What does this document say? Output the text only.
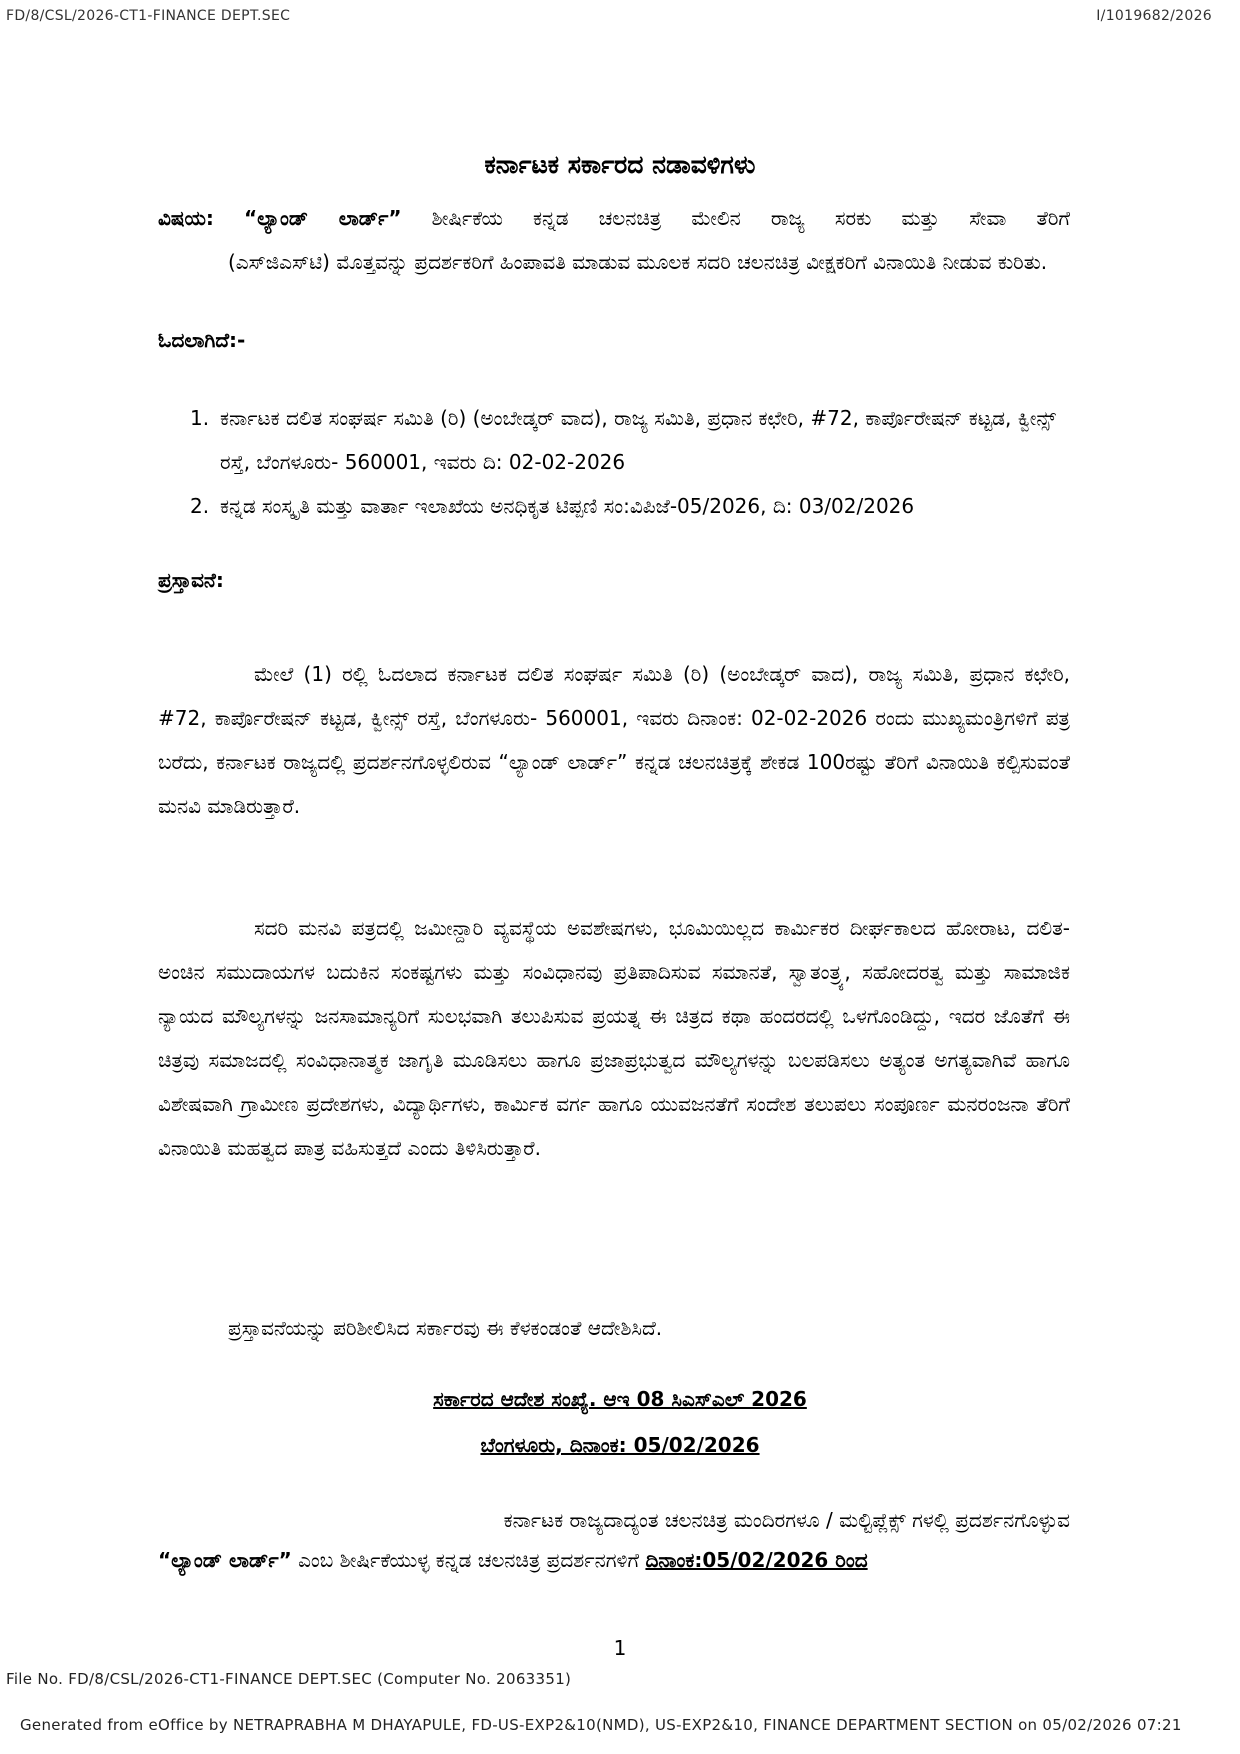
FD/8/CSL/2026-CT1-FINANCE DEPT.SEC	I/1019682/2026
ಕರ್ನಾಟಕ ಸರ್ಕಾರದ ನಡಾವಳಿಗಳು
ವಿಷಯ: “ಲ್ಯಾಂಡ್ ಲಾರ್ಡ್” ಶೀರ್ಷಿಕೆಯ ಕನ್ನಡ ಚಲನಚಿತ್ರ ಮೇಲಿನ ರಾಜ್ಯ ಸರಕು ಮತ್ತು ಸೇವಾ ತೆರಿಗೆ
(ಎಸ್‌ಜಿಎಸ್‌ಟಿ) ಮೊತ್ತವನ್ನು ಪ್ರದರ್ಶಕರಿಗೆ ಹಿಂಪಾವತಿ ಮಾಡುವ ಮೂಲಕ ಸದರಿ ಚಲನಚಿತ್ರ ವೀಕ್ಷಕರಿಗೆ ವಿನಾಯಿತಿ ನೀಡುವ ಕುರಿತು.
ಓದಲಾಗಿದೆ:-
1. ಕರ್ನಾಟಕ ದಲಿತ ಸಂಘರ್ಷ ಸಮಿತಿ (ರಿ) (ಅಂಬೇಡ್ಕರ್ ವಾದ), ರಾಜ್ಯ ಸಮಿತಿ, ಪ್ರಧಾನ ಕಛೇರಿ, #72, ಕಾರ್ಪೊರೇಷನ್ ಕಟ್ಟಡ, ಕ್ವೀನ್ಸ್ ರಸ್ತೆ, ಬೆಂಗಳೂರು- 560001, ಇವರು ದಿ: 02-02-2026
2. ಕನ್ನಡ ಸಂಸ್ಕೃತಿ ಮತ್ತು ವಾರ್ತಾ ಇಲಾಖೆಯ ಅನಧಿಕೃತ ಟಿಪ್ಪಣಿ ಸಂ:ವಿಪಿಜೆ-05/2026, ದಿ: 03/02/2026
ಪ್ರಸ್ತಾವನೆ:
ಮೇಲೆ (1) ರಲ್ಲಿ ಓದಲಾದ ಕರ್ನಾಟಕ ದಲಿತ ಸಂಘರ್ಷ ಸಮಿತಿ (ರಿ) (ಅಂಬೇಡ್ಕರ್ ವಾದ), ರಾಜ್ಯ ಸಮಿತಿ, ಪ್ರಧಾನ ಕಛೇರಿ, #72, ಕಾರ್ಪೊರೇಷನ್ ಕಟ್ಟಡ, ಕ್ವೀನ್ಸ್ ರಸ್ತೆ, ಬೆಂಗಳೂರು- 560001, ಇವರು ದಿನಾಂಕ: 02-02-2026 ರಂದು ಮುಖ್ಯಮಂತ್ರಿಗಳಿಗೆ ಪತ್ರ ಬರೆದು, ಕರ್ನಾಟಕ ರಾಜ್ಯದಲ್ಲಿ ಪ್ರದರ್ಶನಗೊಳ್ಳಲಿರುವ “ಲ್ಯಾಂಡ್ ಲಾರ್ಡ್” ಕನ್ನಡ ಚಲನಚಿತ್ರಕ್ಕೆ ಶೇಕಡ 100ರಷ್ಟು ತೆರಿಗೆ ವಿನಾಯಿತಿ ಕಲ್ಪಿಸುವಂತೆ ಮನವಿ ಮಾಡಿರುತ್ತಾರೆ.
ಸದರಿ ಮನವಿ ಪತ್ರದಲ್ಲಿ ಜಮೀನ್ದಾರಿ ವ್ಯವಸ್ಥೆಯ ಅವಶೇಷಗಳು, ಭೂಮಿಯಿಲ್ಲದ ಕಾರ್ಮಿಕರ ದೀರ್ಘಕಾಲದ ಹೋರಾಟ, ದಲಿತ-ಅಂಚಿನ ಸಮುದಾಯಗಳ ಬದುಕಿನ ಸಂಕಷ್ಟಗಳು ಮತ್ತು ಸಂವಿಧಾನವು ಪ್ರತಿಪಾದಿಸುವ ಸಮಾನತೆ, ಸ್ವಾತಂತ್ರ್ಯ, ಸಹೋದರತ್ವ ಮತ್ತು ಸಾಮಾಜಿಕ ನ್ಯಾಯದ ಮೌಲ್ಯಗಳನ್ನು ಜನಸಾಮಾನ್ಯರಿಗೆ ಸುಲಭವಾಗಿ ತಲುಪಿಸುವ ಪ್ರಯತ್ನ ಈ ಚಿತ್ರದ ಕಥಾ ಹಂದರದಲ್ಲಿ ಒಳಗೊಂಡಿದ್ದು, ಇದರ ಜೊತೆಗೆ ಈ ಚಿತ್ರವು ಸಮಾಜದಲ್ಲಿ ಸಂವಿಧಾನಾತ್ಮಕ ಜಾಗೃತಿ ಮೂಡಿಸಲು ಹಾಗೂ ಪ್ರಜಾಪ್ರಭುತ್ವದ ಮೌಲ್ಯಗಳನ್ನು ಬಲಪಡಿಸಲು ಅತ್ಯಂತ ಅಗತ್ಯವಾಗಿವೆ ಹಾಗೂ ವಿಶೇಷವಾಗಿ ಗ್ರಾಮೀಣ ಪ್ರದೇಶಗಳು, ವಿದ್ಯಾರ್ಥಿಗಳು, ಕಾರ್ಮಿಕ ವರ್ಗ ಹಾಗೂ ಯುವಜನತೆಗೆ ಸಂದೇಶ ತಲುಪಲು ಸಂಪೂರ್ಣ ಮನರಂಜನಾ ತೆರಿಗೆ ವಿನಾಯಿತಿ ಮಹತ್ವದ ಪಾತ್ರ ವಹಿಸುತ್ತದೆ ಎಂದು ತಿಳಿಸಿರುತ್ತಾರೆ.
ಪ್ರಸ್ತಾವನೆಯನ್ನು ಪರಿಶೀಲಿಸಿದ ಸರ್ಕಾರವು ಈ ಕೆಳಕಂಡಂತೆ ಆದೇಶಿಸಿದೆ.
ಸರ್ಕಾರದ ಆದೇಶ ಸಂಖ್ಯೆ. ಆಇ 08 ಸಿಎಸ್‌ಎಲ್ 2026
ಬೆಂಗಳೂರು, ದಿನಾಂಕ: 05/02/2026
ಕರ್ನಾಟಕ ರಾಜ್ಯದಾದ್ಯಂತ ಚಲನಚಿತ್ರ ಮಂದಿರಗಳೂ / ಮಲ್ಟಿಪ್ಲೆಕ್ಸ್ ಗಳಲ್ಲಿ ಪ್ರದರ್ಶನಗೊಳ್ಳುವ
“ಲ್ಯಾಂಡ್ ಲಾರ್ಡ್” ಎಂಬ ಶೀರ್ಷಿಕೆಯುಳ್ಳ ಕನ್ನಡ ಚಲನಚಿತ್ರ ಪ್ರದರ್ಶನಗಳಿಗೆ ದಿನಾಂಕ:05/02/2026 ರಿಂದ
1
File No. FD/8/CSL/2026-CT1-FINANCE DEPT.SEC (Computer No. 2063351)
Generated from eOffice by NETRAPRABHA M DHAYAPULE, FD-US-EXP2&10(NMD), US-EXP2&10, FINANCE DEPARTMENT SECTION on 05/02/2026 07:21
